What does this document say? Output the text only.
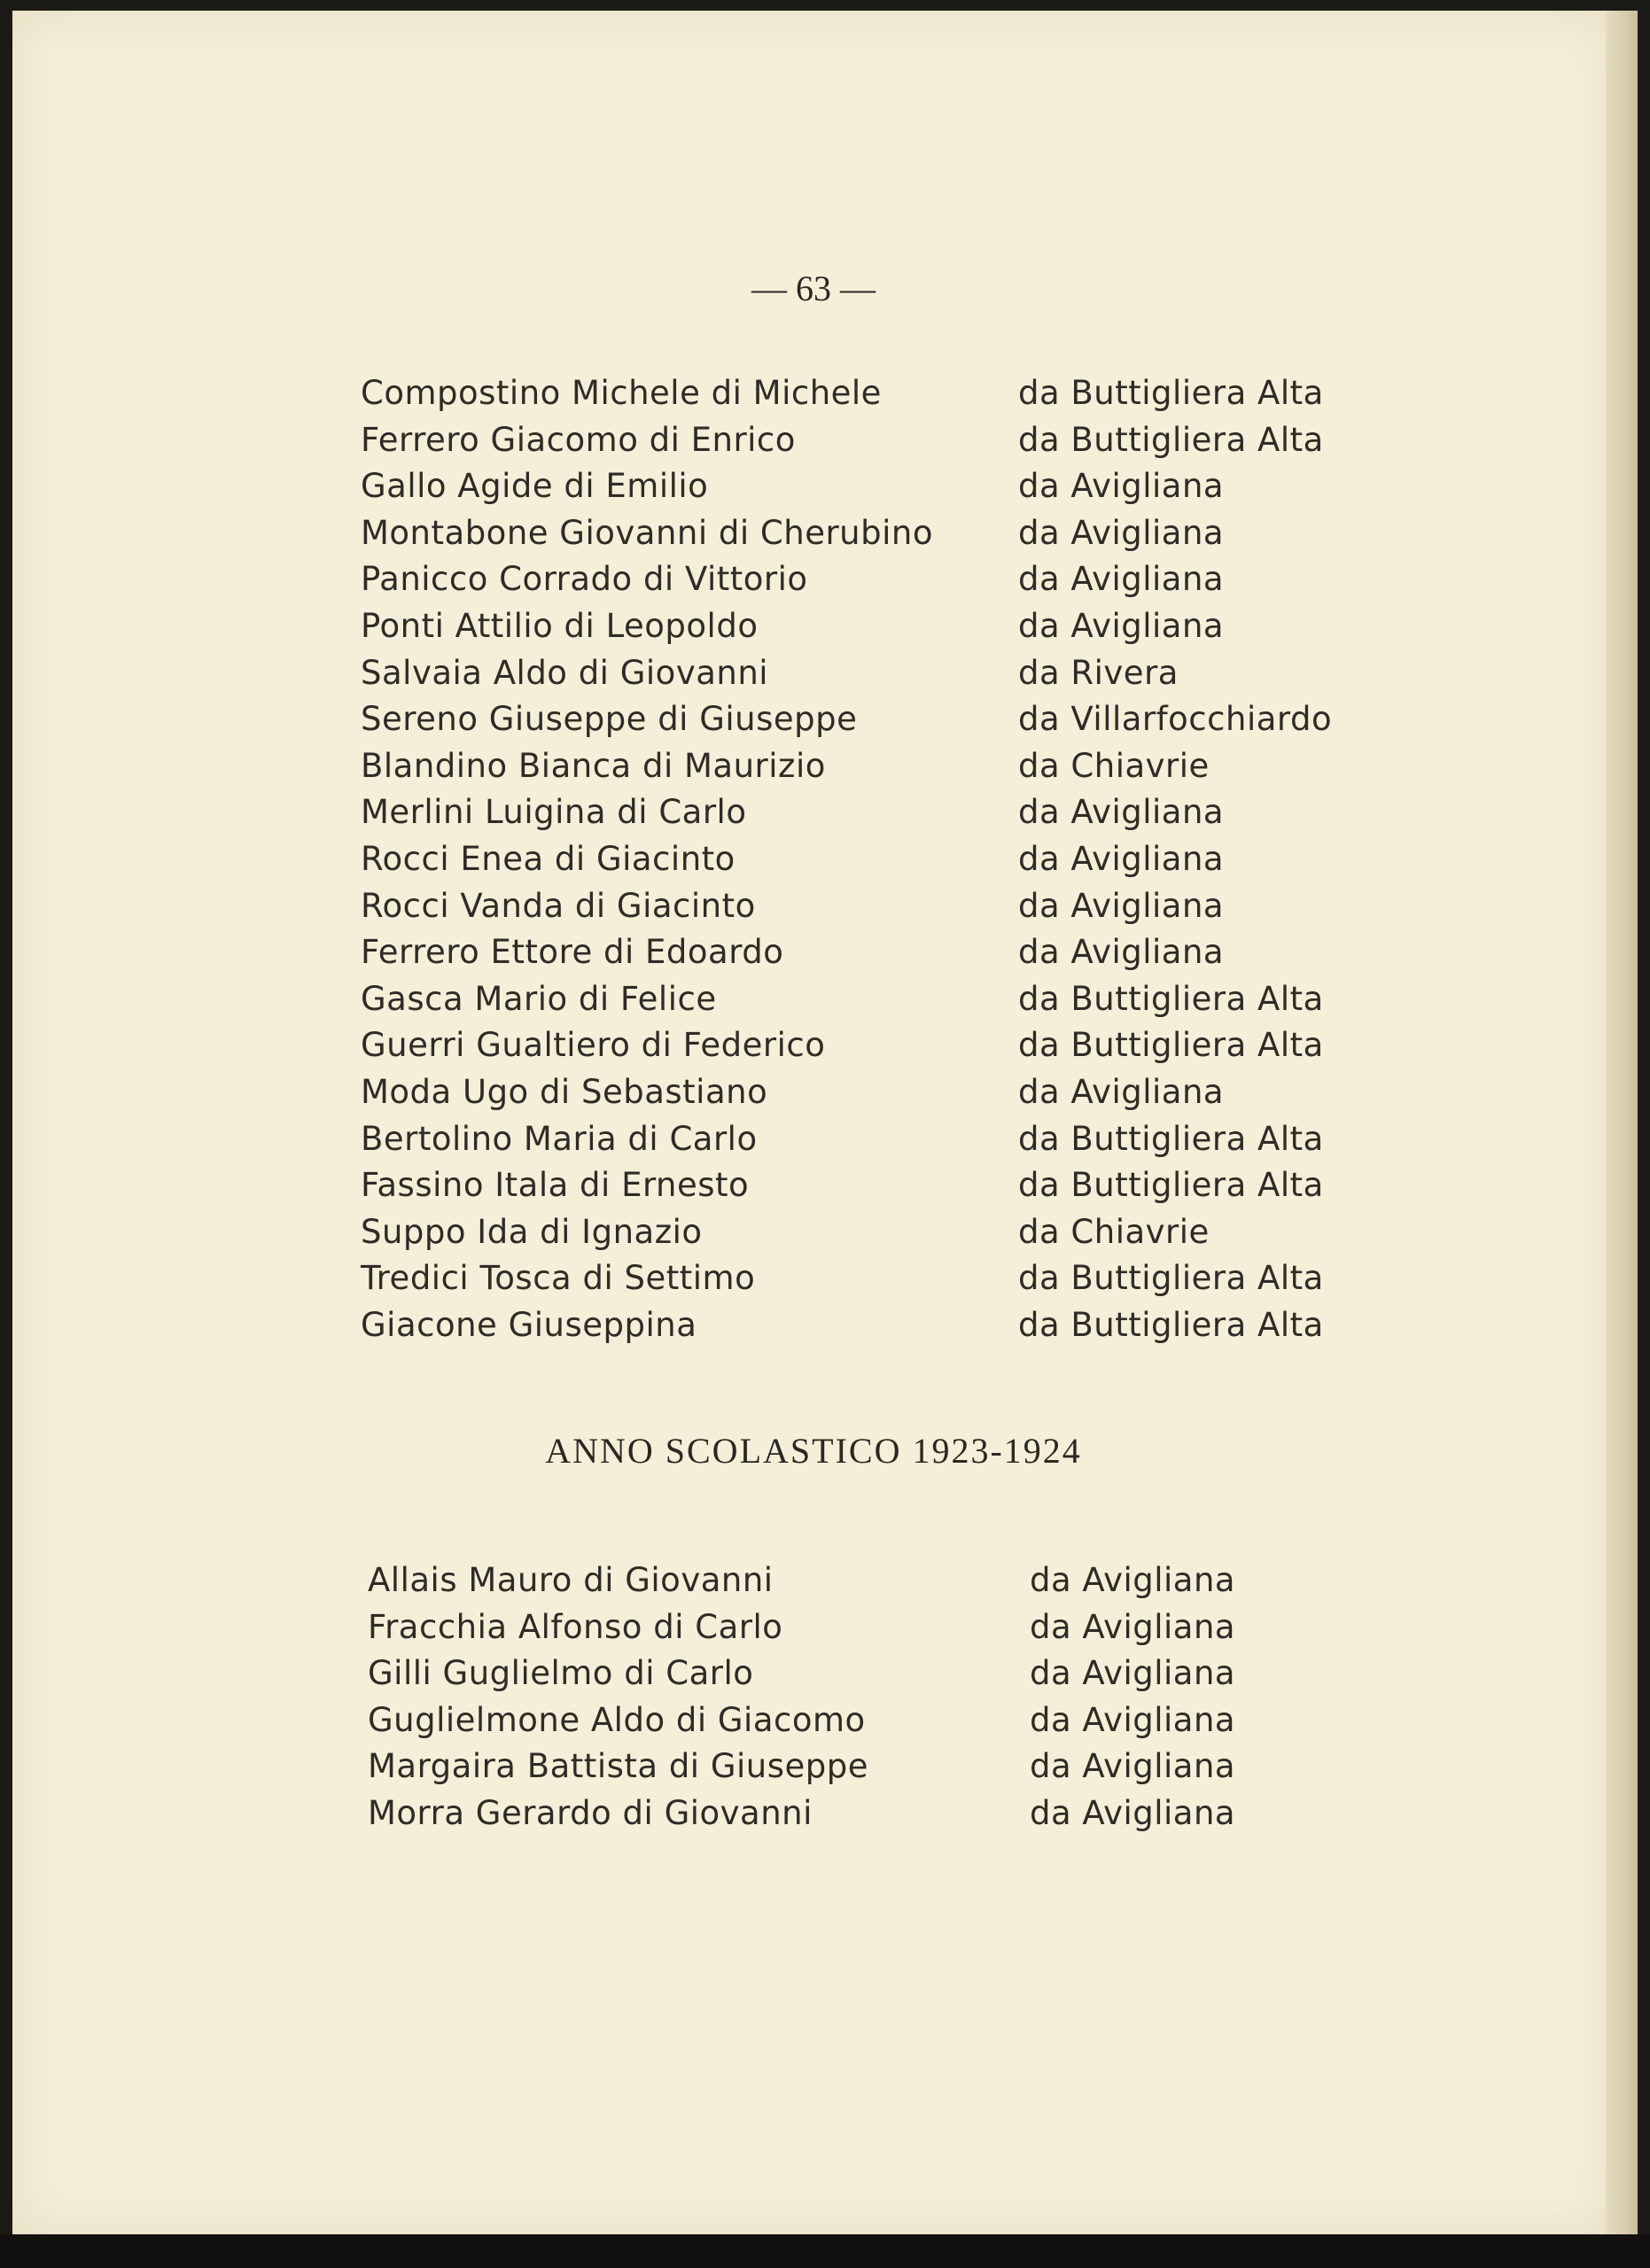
— 63 —
Compostino Michele di Michele	da Buttigliera Alta
Ferrero Giacomo di Enrico	da Buttigliera Alta
Gallo Agide di Emilio	da Avigliana
Montabone Giovanni di Cherubino	da Avigliana
Panicco Corrado di Vittorio	da Avigliana
Ponti Attilio di Leopoldo	da Avigliana
Salvaia Aldo di Giovanni	da Rivera
Sereno Giuseppe di Giuseppe	da Villarfocchiardo
Blandino Bianca di Maurizio	da Chiavrie
Merlini Luigina di Carlo	da Avigliana
Rocci Enea di Giacinto	da Avigliana
Rocci Vanda di Giacinto	da Avigliana
Ferrero Ettore di Edoardo	da Avigliana
Gasca Mario di Felice	da Buttigliera Alta
Guerri Gualtiero di Federico	da Buttigliera Alta
Moda Ugo di Sebastiano	da Avigliana
Bertolino Maria di Carlo	da Buttigliera Alta
Fassino Itala di Ernesto	da Buttigliera Alta
Suppo Ida di Ignazio	da Chiavrie
Tredici Tosca di Settimo	da Buttigliera Alta
Giacone Giuseppina	da Buttigliera Alta
ANNO SCOLASTICO 1923-1924
Allais Mauro di Giovanni	da Avigliana
Fracchia Alfonso di Carlo	da Avigliana
Gilli Guglielmo di Carlo	da Avigliana
Guglielmone Aldo di Giacomo	da Avigliana
Margaira Battista di Giuseppe	da Avigliana
Morra Gerardo di Giovanni	da Avigliana
